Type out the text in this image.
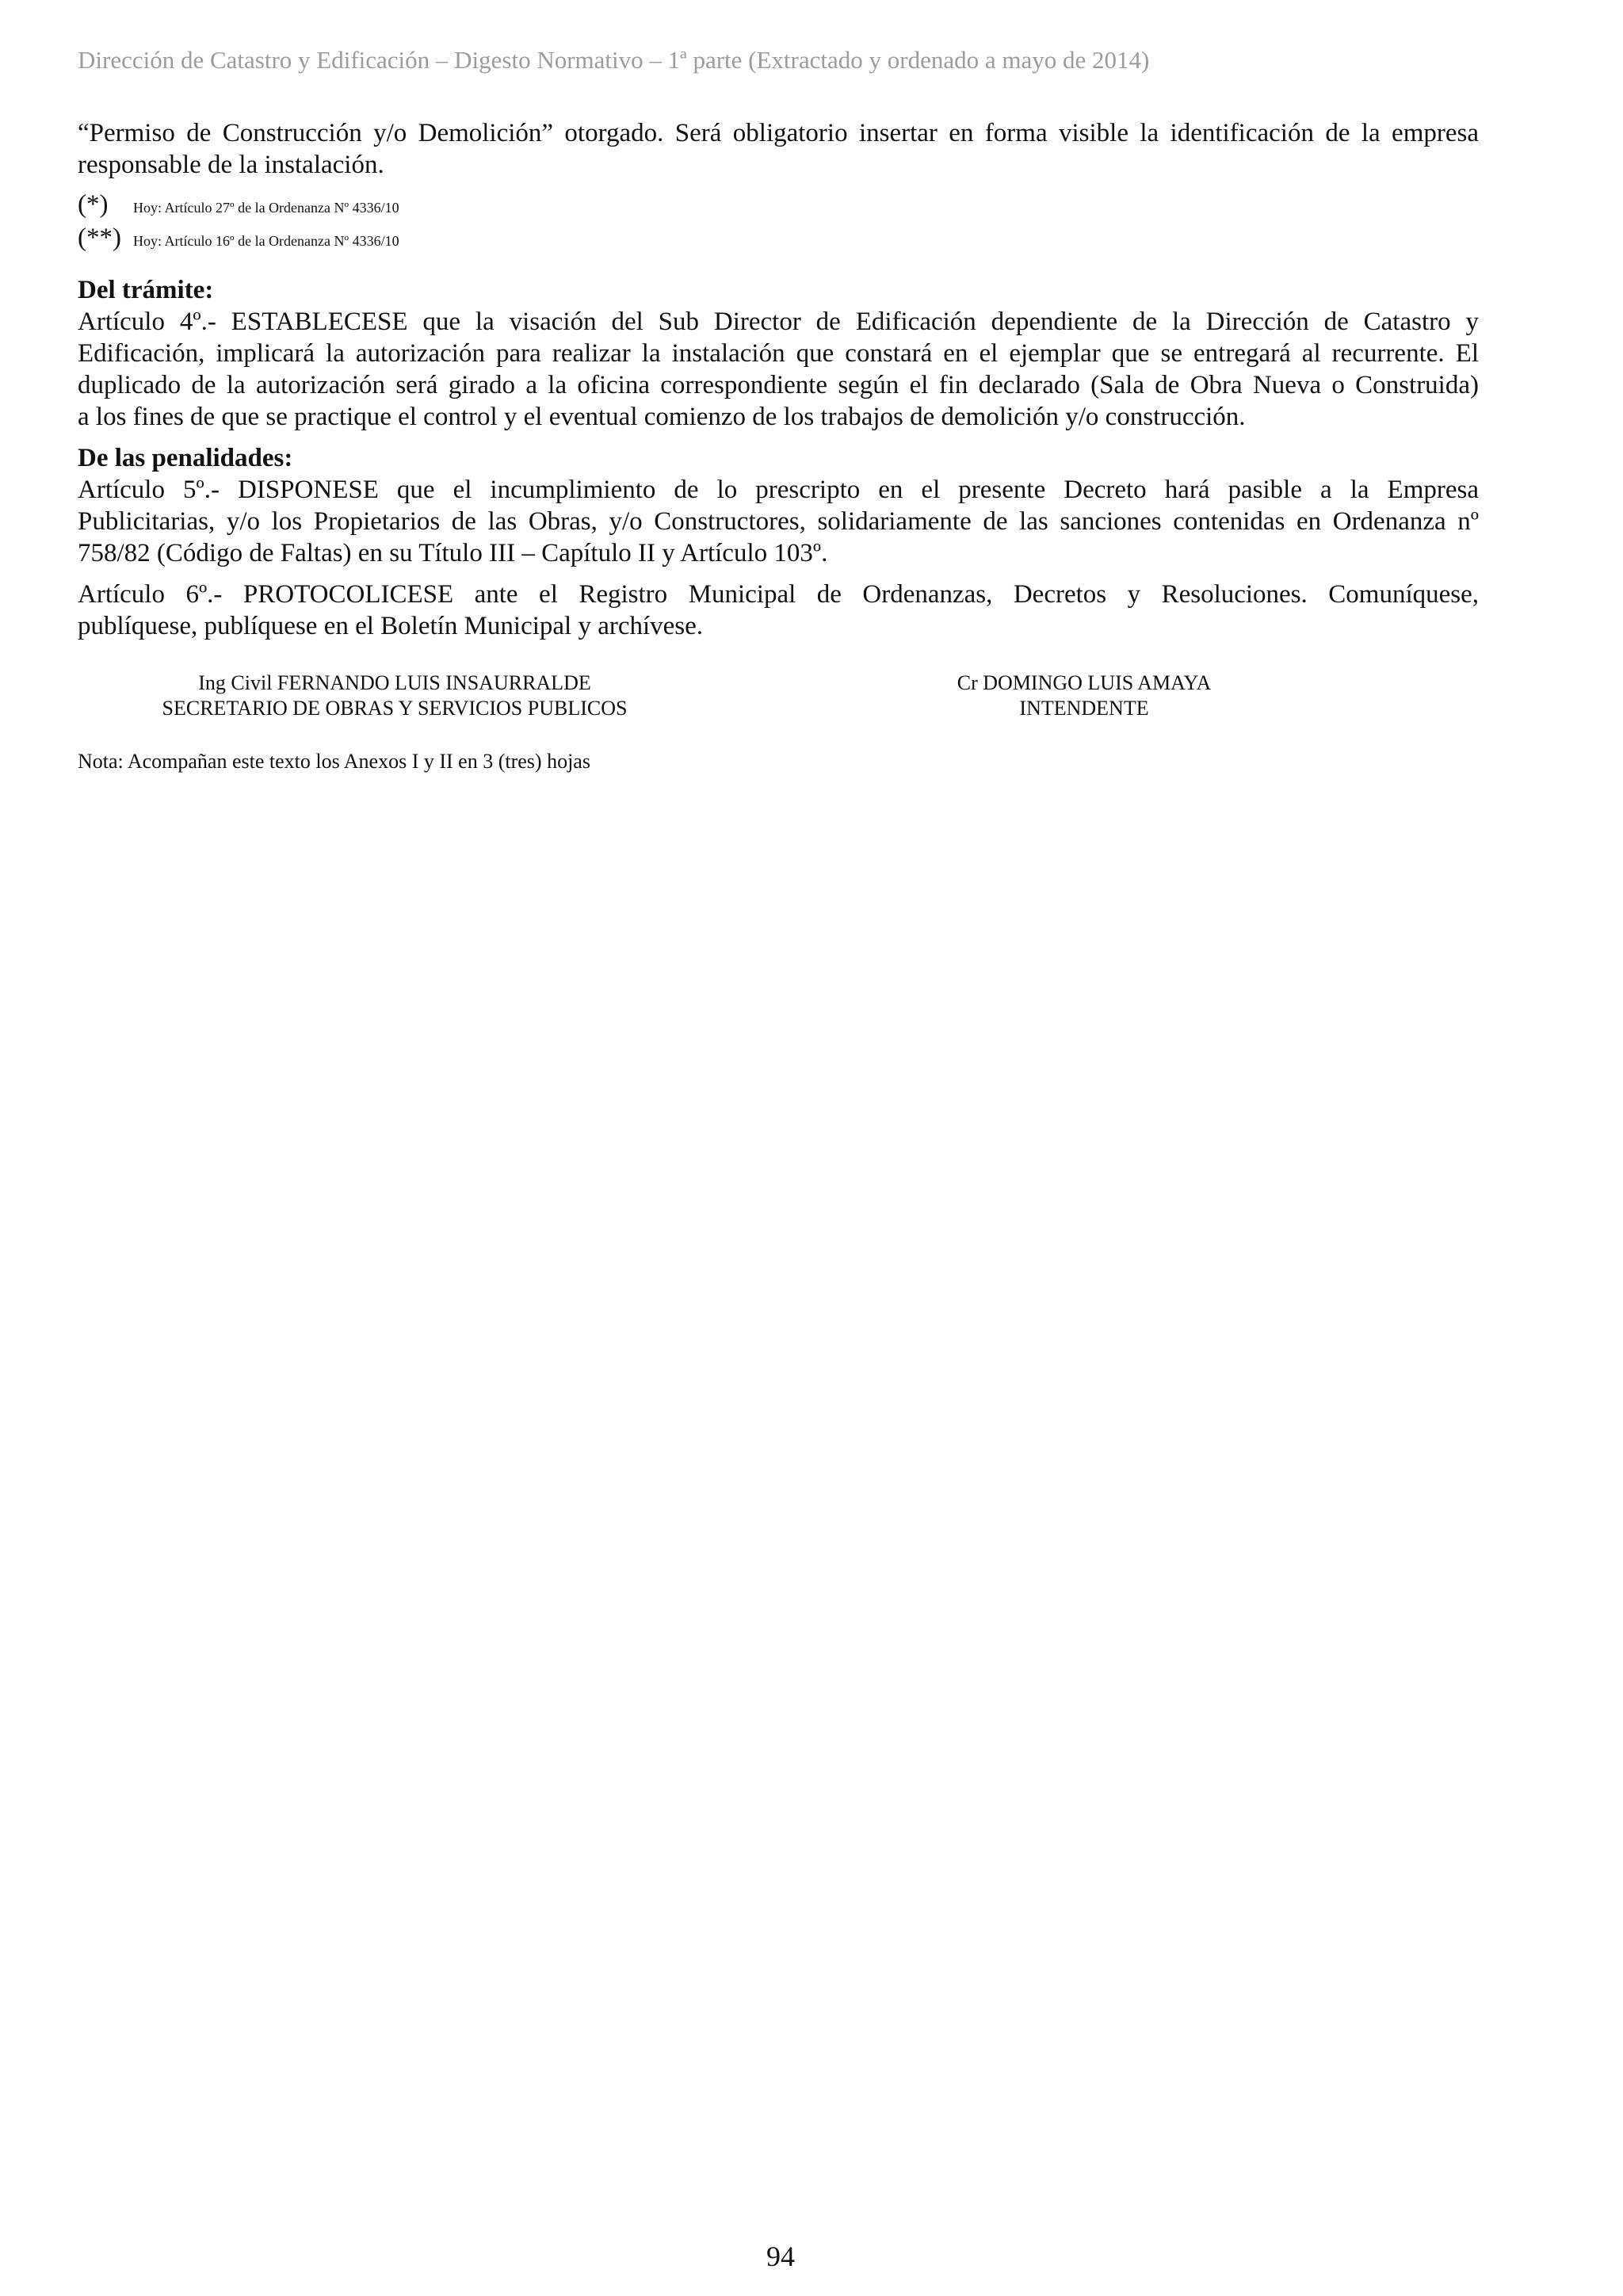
Dirección de Catastro y Edificación – Digesto Normativo – 1ª parte (Extractado y ordenado a mayo de 2014)

“Permiso de Construcción y/o Demolición” otorgado. Será obligatorio insertar en forma visible la identificación de la empresa

responsable de la instalación.

(*)	Hoy: Artículo 27º de la Ordenanza Nº 4336/10
(**) Hoy: Artículo 16º de la Ordenanza Nº 4336/10

Del trámite:

Artículo 4º.- ESTABLECESE que la visación del Sub Director de Edificación dependiente de la Dirección de Catastro y

Edificación, implicará la autorización para realizar la instalación que constará en el ejemplar que se entregará al recurrente. El

duplicado de la autorización será girado a la oficina correspondiente según el fin declarado (Sala de Obra Nueva o Construida)

a los fines de que se practique el control y el eventual comienzo de los trabajos de demolición y/o construcción.

De las penalidades:

Artículo 5º.- DISPONESE que el incumplimiento de lo prescripto en el presente Decreto hará pasible a la Empresa

Publicitarias, y/o los Propietarios de las Obras, y/o Constructores, solidariamente de las sanciones contenidas en Ordenanza nº

758/82 (Código de Faltas) en su Título III – Capítulo II y Artículo 103º.

Artículo 6º.- PROTOCOLICESE ante el Registro Municipal de Ordenanzas, Decretos y Resoluciones. Comuníquese,

publíquese, publíquese en el Boletín Municipal y archívese.

Ing Civil FERNANDO LUIS INSAURRALDE
SECRETARIO DE OBRAS Y SERVICIOS PUBLICOS
Cr DOMINGO LUIS AMAYA
INTENDENTE
Nota: Acompañan este texto los Anexos I y II en 3 (tres) hojas
94
